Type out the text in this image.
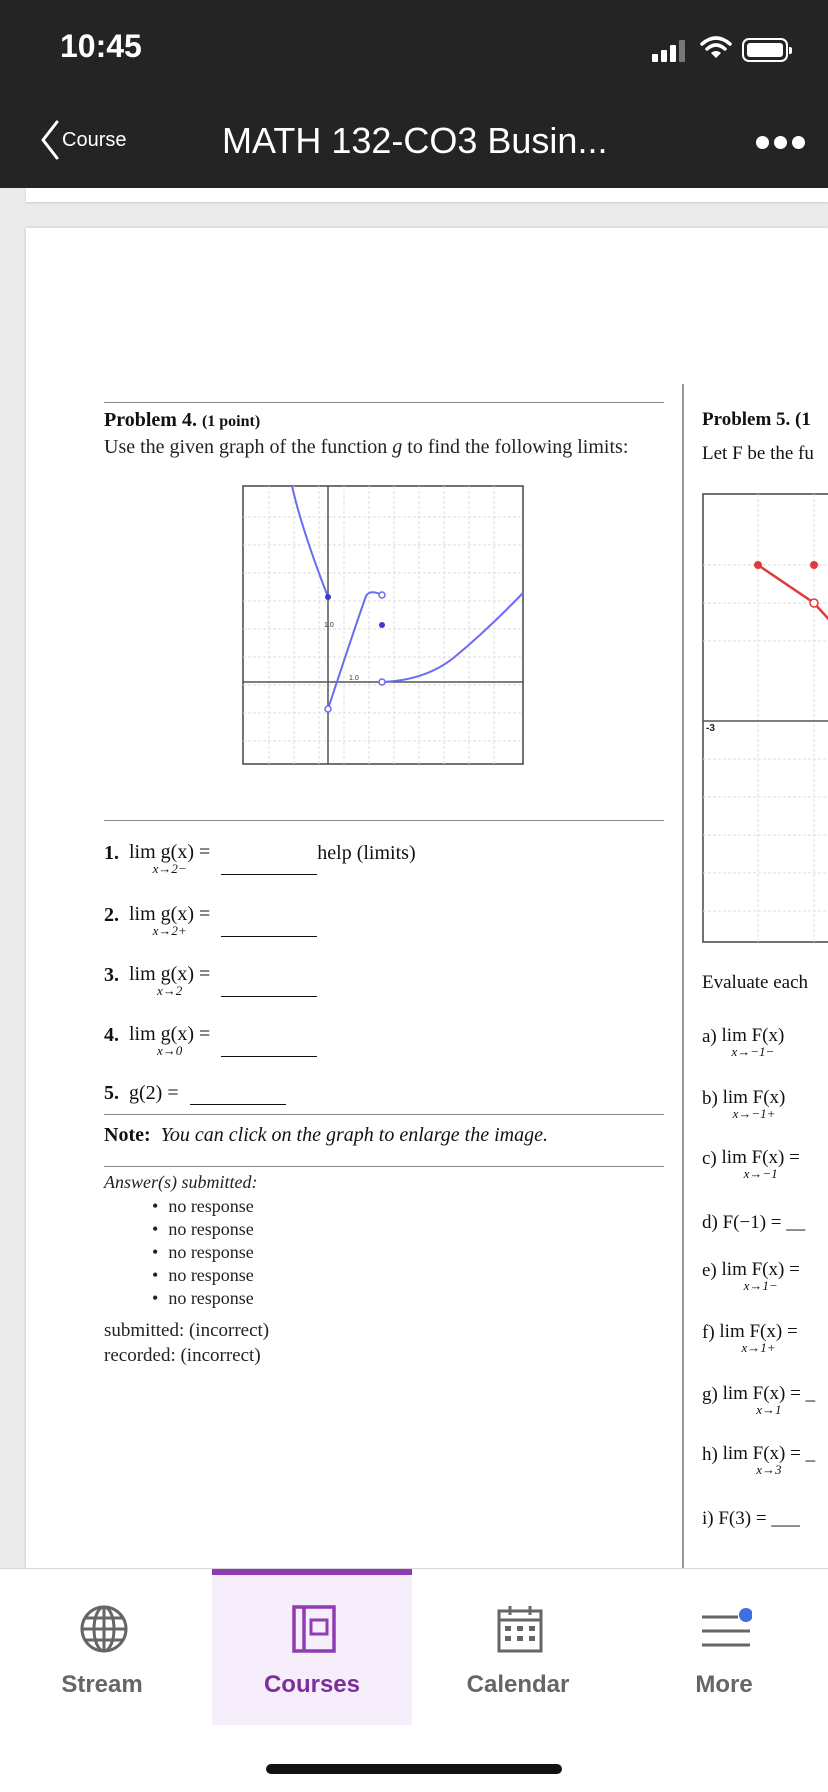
10:45
Course	MATH 132-CO3 Busin...
Problem 4. (1 point)
Use the given graph of the function g to find the following limits:
1.0
1.0
1. lim g(x) =
x→2−
help (limits)
2. lim g(x) =
x→2+

3. lim g(x) =
x→2

4. lim g(x) =
x→0

5. g(2) =
Note: You can click on the graph to enlarge the image.
Answer(s) submitted:
• no response
• no response
• no response
• no response
• no response
submitted: (incorrect)
recorded: (incorrect)
Problem 5. (1
Let F be the fu
-3
Evaluate each
a) lim F(x)
x→−1−
b) lim F(x)
x→−1+
c) lim F(x) =
x→−1
d) F(−1) = __
e) lim F(x) =
x→1−
f) lim F(x) =
x→1+
g) lim F(x) = _
x→1
h) lim F(x) = _
x→3
i) F(3) = ___
Stream	Courses	Calendar	More
